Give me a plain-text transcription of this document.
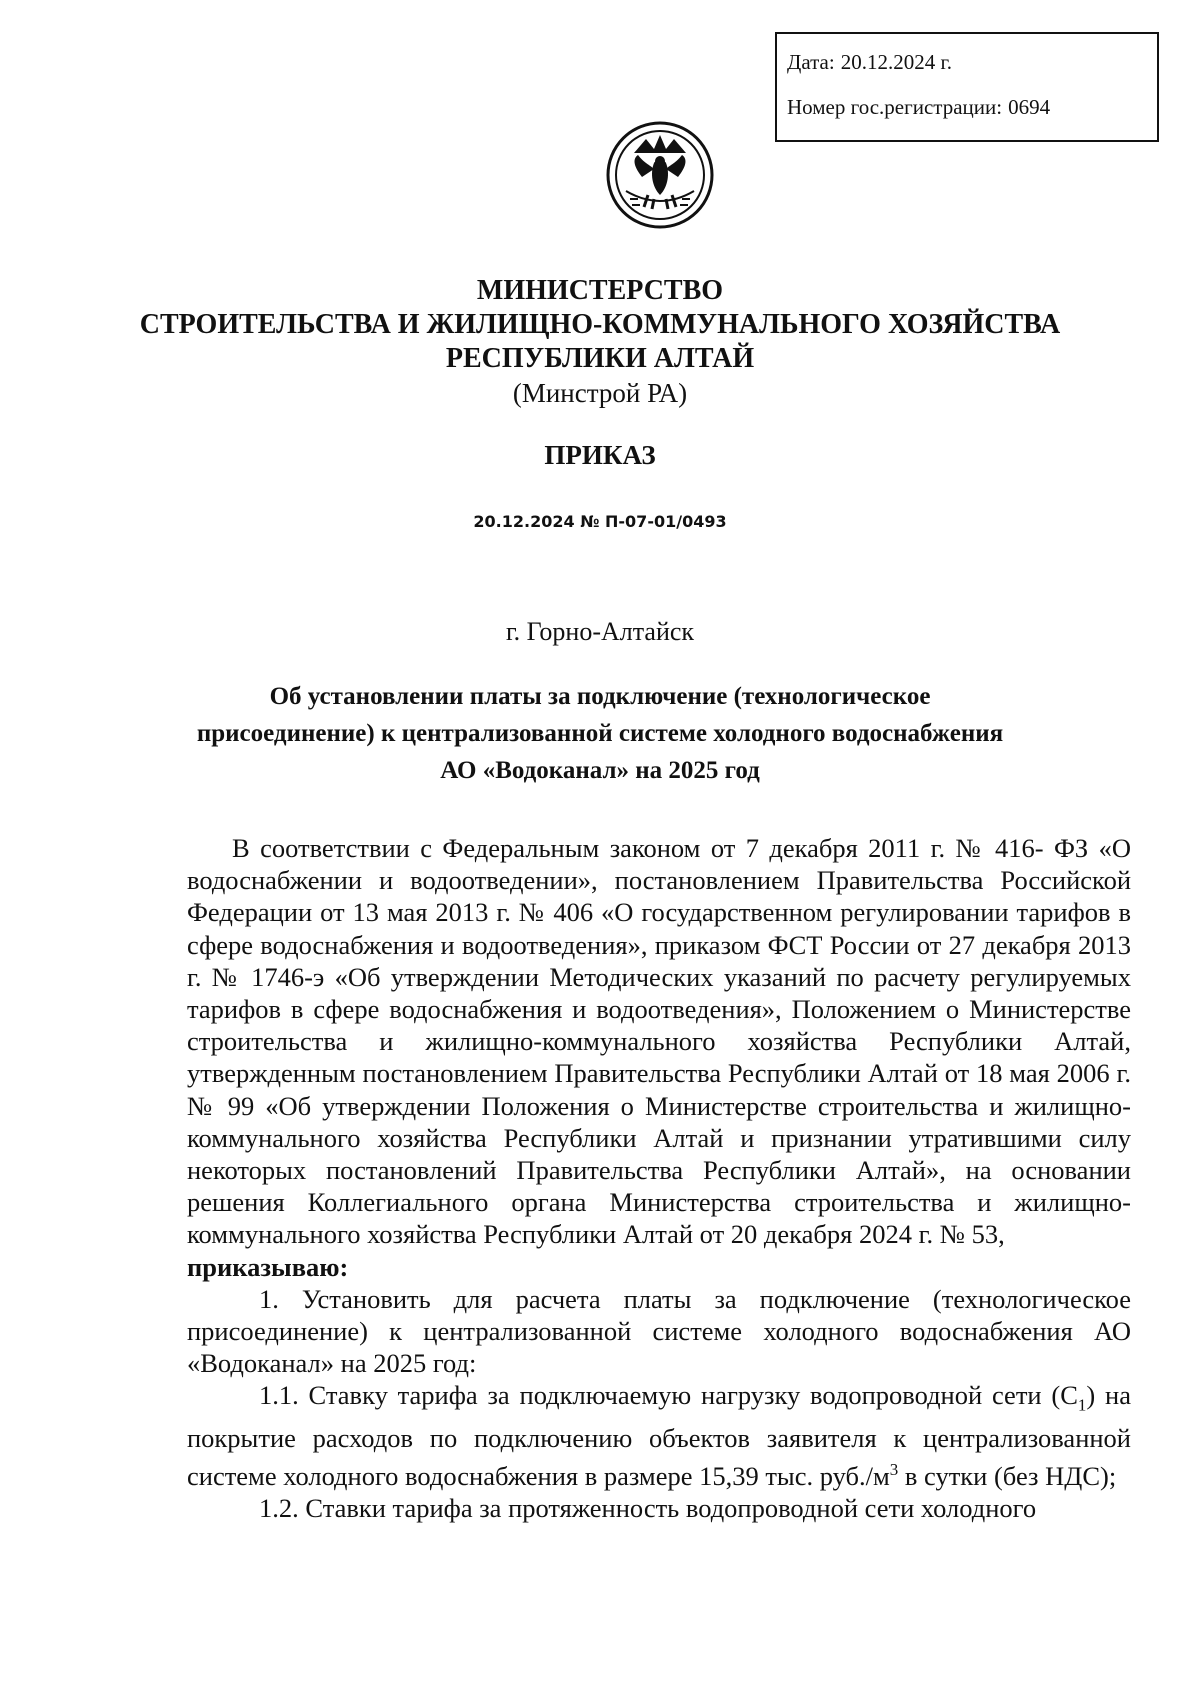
Дата: 20.12.2024 г.
Номер гос.регистрации: 0694
МИНИСТЕРСТВО
СТРОИТЕЛЬСТВА И ЖИЛИЩНО-КОММУНАЛЬНОГО ХОЗЯЙСТВА
РЕСПУБЛИКИ АЛТАЙ
(Минстрой РА)
ПРИКАЗ
20.12.2024 № П-07-01/0493
г. Горно-Алтайск
Об установлении платы за подключение (технологическое
присоединение) к централизованной системе холодного водоснабжения
АО «Водоканал» на 2025 год

В соответствии с Федеральным законом от 7 декабря 2011 г. № 416- ФЗ «О водоснабжении и водоотведении», постановлением Правительства Российской Федерации от 13 мая 2013 г. № 406 «О государственном регулировании тарифов в сфере водоснабжения и водоотведения», приказом ФСТ России от 27 декабря 2013 г. № 1746-э «Об утверждении Методических указаний по расчету регулируемых тарифов в сфере водоснабжения и водоотведения», Положением о Министерстве строительства и жилищно-коммунального хозяйства Республики Алтай, утвержденным постановлением Правительства Республики Алтай от 18 мая 2006 г. № 99 «Об утверждении Положения о Министерстве строительства и жилищно-коммунального хозяйства Республики Алтай и признании утратившими силу некоторых постановлений Правительства Республики Алтай», на основании решения Коллегиального органа Министерства строительства и жилищно-коммунального хозяйства Республики Алтай от 20 декабря 2024 г. № 53,

приказываю:

1. Установить для расчета платы за подключение (технологическое присоединение) к централизованной системе холодного водоснабжения АО «Водоканал» на 2025 год:

1.1. Ставку тарифа за подключаемую нагрузку водопроводной сети $(С_1)$ на покрытие расходов по подключению объектов заявителя к централизованной системе холодного водоснабжения в размере 15,39 тыс. $руб./м^3$ в сутки (без НДС);

1.2. Ставки тарифа за протяженность водопроводной сети холодного
